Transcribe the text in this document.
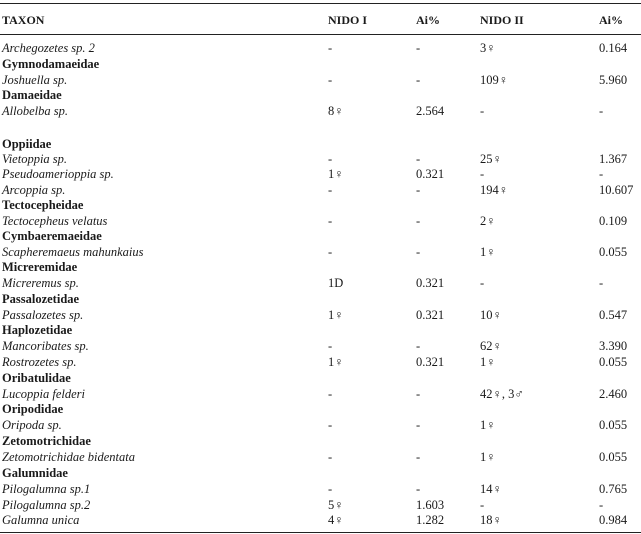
TAXON	NIDO I	Ai%	NIDO II	Ai%
Archegozetes sp. 2	-	-	3♀	0.164
Gymnodamaeidae
Joshuella sp.	-	-	109♀	5.960
Damaeidae
Allobelba sp.	8♀	2.564	-	-
Oppiidae
Vietoppia sp.	-	-	25♀	1.367
Pseudoamerioppia sp.	1♀	0.321	-	-
Arcoppia sp.	-	-	194♀	10.607
Tectocepheidae
Tectocepheus velatus	-	-	2♀	0.109
Cymbaeremaeidae
Scapheremaeus mahunkaius	-	-	1♀	0.055
Micreremidae
Micreremus sp.	1D	0.321	-	-
Passalozetidae
Passalozetes sp.	1♀	0.321	10♀	0.547
Haplozetidae
Mancoribates sp.	-	-	62♀	3.390
Rostrozetes sp.	1♀	0.321	1♀	0.055
Oribatulidae
Lucoppia felderi	-	-	42♀, 3♂	2.460
Oripodidae
Oripoda sp.	-	-	1♀	0.055
Zetomotrichidae
Zetomotrichidae bidentata	-	-	1♀	0.055
Galumnidae
Pilogalumna sp.1	-	-	14♀	0.765
Pilogalumna sp.2	5♀	1.603	-	-
Galumna unica	4♀	1.282	18♀	0.984
